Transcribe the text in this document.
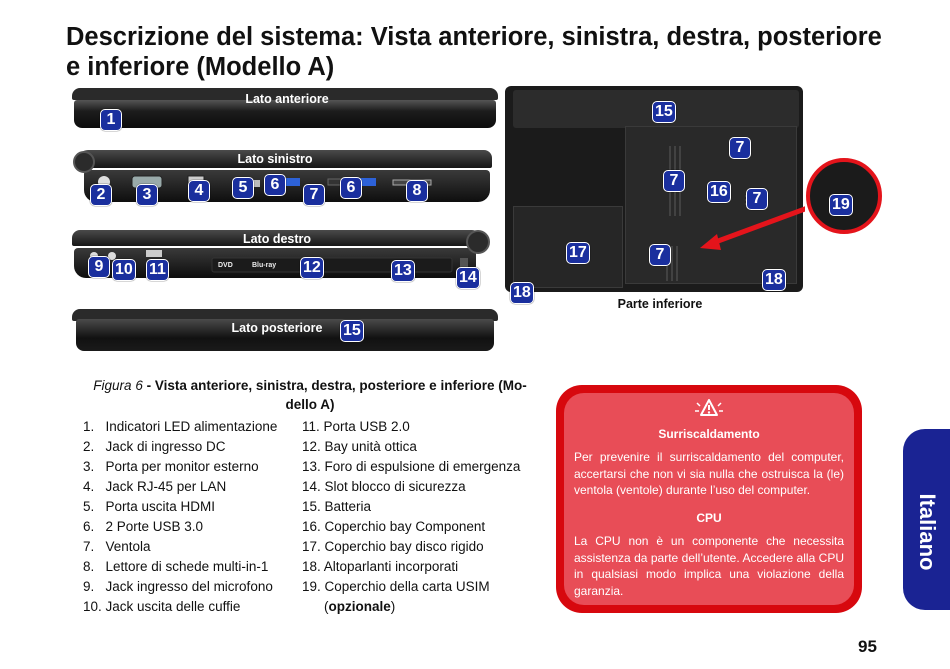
Descrizione del sistema: Vista anteriore, sinistra, destra, posteriore
e inferiore (Modello A)
Lato anteriore
1
Lato sinistro
2	3	4	5	6
7	6	8
Lato destro
DVD	Blu-ray
9 10 11	12	13	14
Lato posteriore	15
15
7
7
16	7	19
17	7
18
18
Parte inferiore
Figura 6 - Vista anteriore, sinistra, destra, posteriore e inferiore (Mo-dello A)
1.   Indicatori LED alimentazione
2.   Jack di ingresso DC
3.   Porta per monitor esterno
4.   Jack RJ-45 per LAN
5.   Porta uscita HDMI
6.   2 Porte USB 3.0
7.   Ventola
8.   Lettore di schede multi-in-1
9.   Jack ingresso del microfono
10. Jack uscita delle cuffie
11. Porta USB 2.0
12. Bay unità ottica
13. Foro di espulsione di emergenza
14. Slot blocco di sicurezza
15. Batteria
16. Coperchio bay Component
17. Coperchio bay disco rigido
18. Altoparlanti incorporati
19. Coperchio della carta USIM
(opzionale)
Surriscaldamento
Per prevenire il surriscaldamento del computer, accertarsi che non vi sia nulla che ostruisca la (le) ventola (ventole) durante l’uso del computer.
CPU
La CPU non è un componente che necessita assistenza da parte dell’utente. Accedere alla CPU in qualsiasi modo implica una violazione della garanzia.
Italiano
95
